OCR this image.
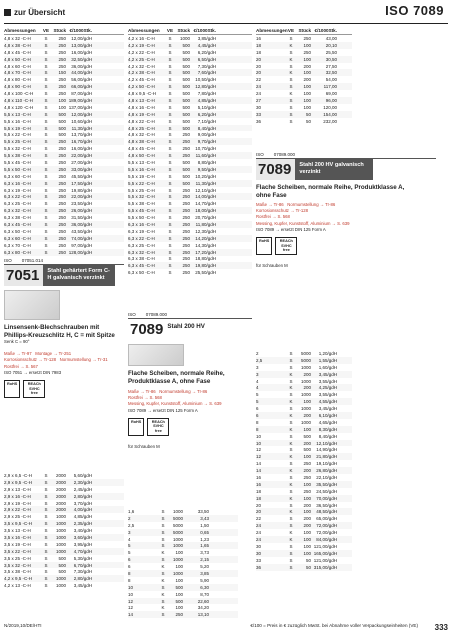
zur Übersicht	ISO 7089
Abmessungen	VE Stück €/1000Stk.
4,8 x 32 -C-H	S	250	12,00/gdH
4,8 x 38 -C-H	S	250	13,00/gdH
4,8 x 45 -C-H	S	250	16,00/gdH
4,8 x 50 -C-H	S	250	32,50/gdH
4,8 x 60 -C-H	S	250	36,00/gdH
4,8 x 70 -C-H	S	150	44,00/gdH
4,8 x 80 -C-H	S	250	56,00/gdH
4,8 x 90 -C-H	S	250	66,00/gdH
4,8 x 100 -C-H	S	250	87,00/gdH
4,8 x 110 -C-H	S	100 189,00/gdH
4,8 x 120 -C-H	S	100 137,00/gdH
5,5 x 13 -C-H	S	500	12,00/gdH
5,5 x 16 -C-H	S	500	10,60/gdH
5,5 x 19 -C-H	S	500	11,30/gdH
5,5 x 22 -C-H	S	500	13,70/gdH
5,5 x 25 -C-H	S	250	16,70/gdH
5,5 x 32 -C-H	S	250	16,00/gdH
5,5 x 38 -C-H	S	250	22,00/gdH
5,5 x 45 -C-H	S	250	27,00/gdH
5,5 x 50 -C-H	S	250	33,00/gdH
6,3 x 60 -C-H	S	250	45,50/gdH
6,3 x 16 -C-H	S	250	17,50/gdH
6,3 x 19 -C-H	S	250	19,80/gdH
6,3 x 22 -C-H	S	250	22,00/gdH
6,3 x 25 -C-H	S	250	23,50/gdH
6,3 x 32 -C-H	S	250	26,00/gdH
6,3 x 38 -C-H	S	250	31,50/gdH
6,3 x 45 -C-H	S	250	36,00/gdH
6,3 x 50 -C-H	S	250	43,50/gdH
6,3 x 60 -C-H	S	250	74,00/gdH
6,3 x 70 -C-H	S	250	97,00/gdH
6,3 x 80 -C-H	S	250 128,00/gdH
Abmessungen	VE Stück €/1000Stk.
4,2 x 16 -C-H	S	1000	3,85/gdH
4,2 x 19 -C-H	S	500	4,45/gdH
4,2 x 22 -C-H	S	500	6,20/gdH
4,2 x 25 -C-H	S	500	6,50/gdH
4,2 x 32 -C-H	S	500	7,30/gdH
4,2 x 38 -C-H	S	500	7,60/gdH
4,2 x 45 -C-H	S	500	10,50/gdH
4,2 x 50 -C-H	S	500	12,80/gdH
4,8 x 9,5 -C-H	S	500	7,80/gdH
4,8 x 13 -C-H	S	500	4,85/gdH
4,8 x 16 -C-H	S	500	5,10/gdH
4,8 x 19 -C-H	S	500	6,20/gdH
4,8 x 22 -C-H	S	500	7,10/gdH
4,8 x 25 -C-H	S	500	8,40/gdH
4,8 x 32 -C-H	S	250	9,00/gdH
4,8 x 38 -C-H	S	250	9,70/gdH
4,8 x 45 -C-H	S	250	10,70/gdH
4,8 x 50 -C-H	S	250	11,60/gdH
5,5 x 13 -C-H	S	500	8,80/gdH
5,5 x 16 -C-H	S	500	9,50/gdH
5,5 x 19 -C-H	S	500	10,20/gdH
5,5 x 22 -C-H	S	500	11,30/gdH
5,5 x 25 -C-H	S	250	12,10/gdH
5,5 x 32 -C-H	S	250	14,00/gdH
5,5 x 38 -C-H	S	250	14,70/gdH
5,5 x 45 -C-H	S	250	18,00/gdH
5,5 x 50 -C-H	S	250	20,70/gdH
6,3 x 16 -C-H	S	250	11,80/gdH
6,3 x 19 -C-H	S	250	12,30/gdH
6,3 x 22 -C-H	S	250	14,20/gdH
6,3 x 25 -C-H	S	250	14,30/gdH
6,3 x 32 -C-H	S	250	17,20/gdH
6,3 x 38 -C-H	S	250	18,80/gdH
6,3 x 45 -C-H	S	250	19,80/gdH
6,3 x 50 -C-H	S	250	25,50/gdH
Abmessungen VE Stück €/1000Stk.
16	S	250	43,00
18	K	100	20,10
18	S	250	25,50
20	K	100	30,50
20	S	200	27,50
20	K	100	32,50
22	S	200	54,00
24	S	100	117,00
24	K	100	69,00
27	S	100	96,00
30	S	100	120,00
33	S	50	154,00
36	S	50	232,00
ISO 07089.000
7089	Stahl 200 HV galvanisch verzinkt
Flache Scheiben, normale Reihe, Produktklasse A, ohne Fase
Maße → Tr-86 Normumstellung → Tr-86
Korrosionsschutz → Tr-128
Rostfrei → S. 568
Messing, Kupfer, Kunststoff, Aluminium → S. 639
ISO 7089 → ersetzt DIN 125 Form A
RoHS	REACh SVHC free
für Schrauben M
2	S	5000	1,20/gdH
2,5	S	5000	1,55/gdH
3	S	1000	1,60/gdH
3	K	200	3,45/gdH
4	S	1000	3,55/gdH
4	K	200	4,25/gdH
5	S	1000	3,55/gdH
5	K	100	4,55/gdH
6	S	1000	3,45/gdH
6	K	200	6,10/gdH
8	S	1000	4,65/gdH
8	K	100	8,30/gdH
10	S	500	8,40/gdH
10	K	200	12,10/gdH
12	S	500	14,90/gdH
12	K	100	21,80/gdH
14	S	250	19,10/gdH
14	K	200	26,80/gdH
16	S	250	22,10/gdH
16	K	100	35,50/gdH
18	S	250	24,50/gdH
18	K	100	70,00/gdH
20	S	200	36,50/gdH
20	K	100	48,50/gdH
22	S	200	65,00/gdH
24	S	200	72,00/gdH
24	K	100	72,00/gdH
24	K	100	84,00/gdH
30	S	100 121,00/gdH
30	S	100 165,00/gdH
33	S	50 121,00/gdH
36	S	50 315,00/gdH
ISO 07051.014
7051	Stahl gehärtert Form C-H galvanisch verzinkt
Linsensenk-Blechschrauben mit Phillips-Kreuzschlitz H, C = mit Spitze
Senk C = 90°
Maße → Tr-97 Montage → Tr-251
Korrosionsschutz → Tr-128 Normumstellung → Tr-31
Rostfrei → S. 567
ISO 7051 → ersetzt DIN 7983
RoHS	REACh SVHC free
2,9 x 6,5 -C-H	S	2000	5,60/gdH
2,9 x 9,5 -C-H	S	2000	2,30/gdH
2,9 x 13 -C-H	S	2000	2,45/gdH
2,9 x 16 -C-H	S	2000	2,80/gdH
2,9 x 19 -C-H	S	2000	3,70/gdH
2,9 x 22 -C-H	S	2000	4,00/gdH
2,9 x 25 -C-H	S	1000	4,85/gdH
3,5 x 9,5 -C-H	S	1000	2,35/gdH
3,5 x 13 -C-H	S	1000	3,40/gdH
3,5 x 16 -C-H	S	1000	3,60/gdH
3,5 x 19 -C-H	S	1000	3,95/gdH
3,5 x 22 -C-H	S	1000	4,70/gdH
3,5 x 25 -C-H	S	500	5,30/gdH
3,5 x 32 -C-H	S	500	6,70/gdH
3,5 x 38 -C-H	S	500	7,30/gdH
4,2 x 9,5 -C-H	S	1000	2,80/gdH
4,2 x 13 -C-H	S	1000	3,45/gdH
ISO 07089.000
7089 Stahl 200 HV
Flache Scheiben, normale Reihe, Produktklasse A, ohne Fase
Maße → Tr-86 Normumstellung → Tr-86
Rostfrei → S. 568
Messing, Kupfer, Kunststoff, Aluminium → S. 639
ISO 7089 → ersetzt DIN 125 Form A
RoHS	REACh SVHC free
für Schrauben M
1,6	S	1000	33,50
2	S	5000	3,43
2,5	S	5000	1,50
3	S	5000	0,65
4	S	1000	1,23
5	S	1000	1,65
5	K	100	3,73
6	S	1000	2,15
6	K	100	5,20
8	S	1000	3,85
8	K	100	5,90
10	S	500	6,30
10	K	100	8,70
12	S	500	22,60
12	K	100	34,20
14	S	250	13,10
N/2019,10/DE/HTI	€/100 = Preis in € zuzüglich MwSt. bei Abnahme voller Verpackungseinheiten (VE) 333
